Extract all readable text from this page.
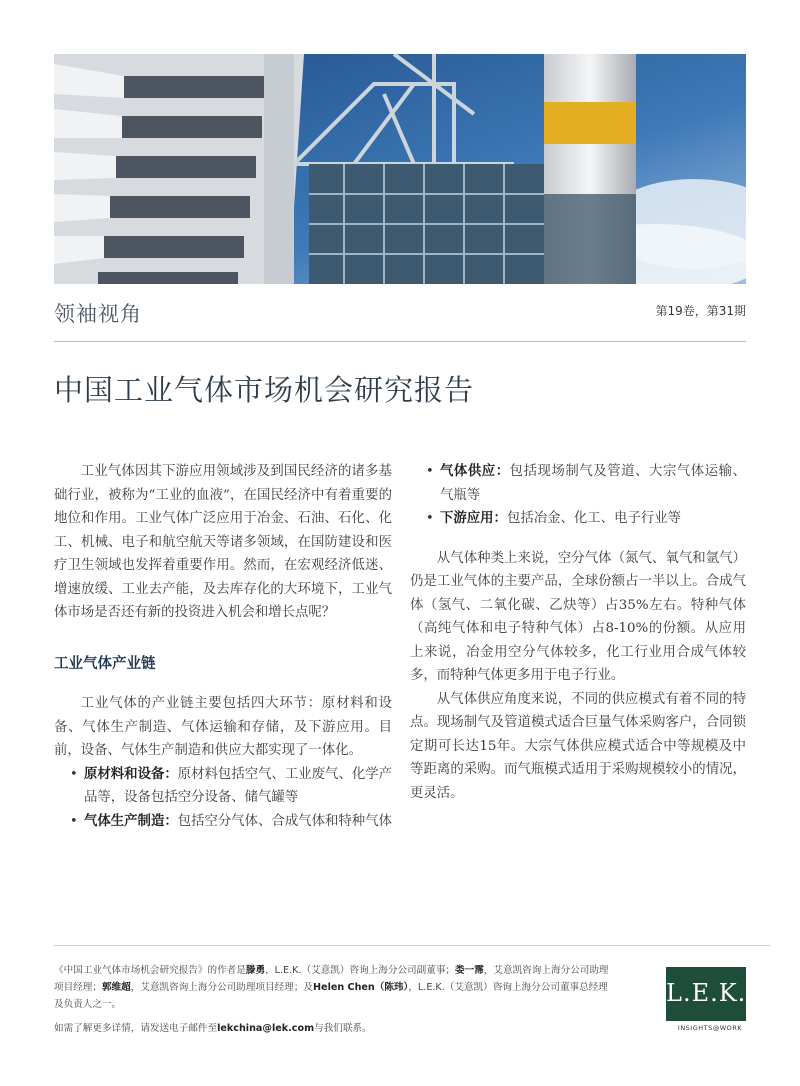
领袖视角	第19卷，第31期
中国工业气体市场机会研究报告

工业气体因其下游应用领域涉及到国民经济的诸多基础行业，被称为“工业的血液”，在国民经济中有着重要的地位和作用。工业气体广泛应用于冶金、石油、石化、化工、机械、电子和航空航天等诸多领域，在国防建设和医疗卫生领域也发挥着重要作用。然而，在宏观经济低迷、增速放缓、工业去产能，及去库存化的大环境下，工业气体市场是否还有新的投资进入机会和增长点呢？

工业气体产业链

工业气体的产业链主要包括四大环节：原材料和设备、气体生产制造、气体运输和存储，及下游应用。目前，设备、气体生产制造和供应大都实现了一体化。

• 原材料和设备：原材料包括空气、工业废气、化学产品等，设备包括空分设备、储气罐等
• 气体生产制造：包括空分气体、合成气体和特种气体
• 气体供应：包括现场制气及管道、大宗气体运输、气瓶等
• 下游应用：包括冶金、化工、电子行业等

从气体种类上来说，空分气体（氮气、氧气和氩气）仍是工业气体的主要产品，全球份额占一半以上。合成气体（氢气、二氧化碳、乙炔等）占35%左右。特种气体（高纯气体和电子特种气体）占8-10%的份额。从应用上来说，冶金用空分气体较多，化工行业用合成气体较多，而特种气体更多用于电子行业。

从气体供应角度来说，不同的供应模式有着不同的特点。现场制气及管道模式适合巨量气体采购客户，合同锁定期可长达15年。大宗气体供应模式适合中等规模及中等距离的采购。而气瓶模式适用于采购规模较小的情况，更灵活。

《中国工业气体市场机会研究报告》的作者是滕勇，L.E.K.（艾意凯）咨询上海分公司副董事；娄一霈，艾意凯咨询上海分公司助理项目经理；郭维超，艾意凯咨询上海分公司助理项目经理；及Helen Chen（陈玮），L.E.K.（艾意凯）咨询上海分公司董事总经理及负责人之一。
如需了解更多详情，请发送电子邮件至lekchina@lek.com与我们联系。
L.E.K.
INSIGHTS@WORK
